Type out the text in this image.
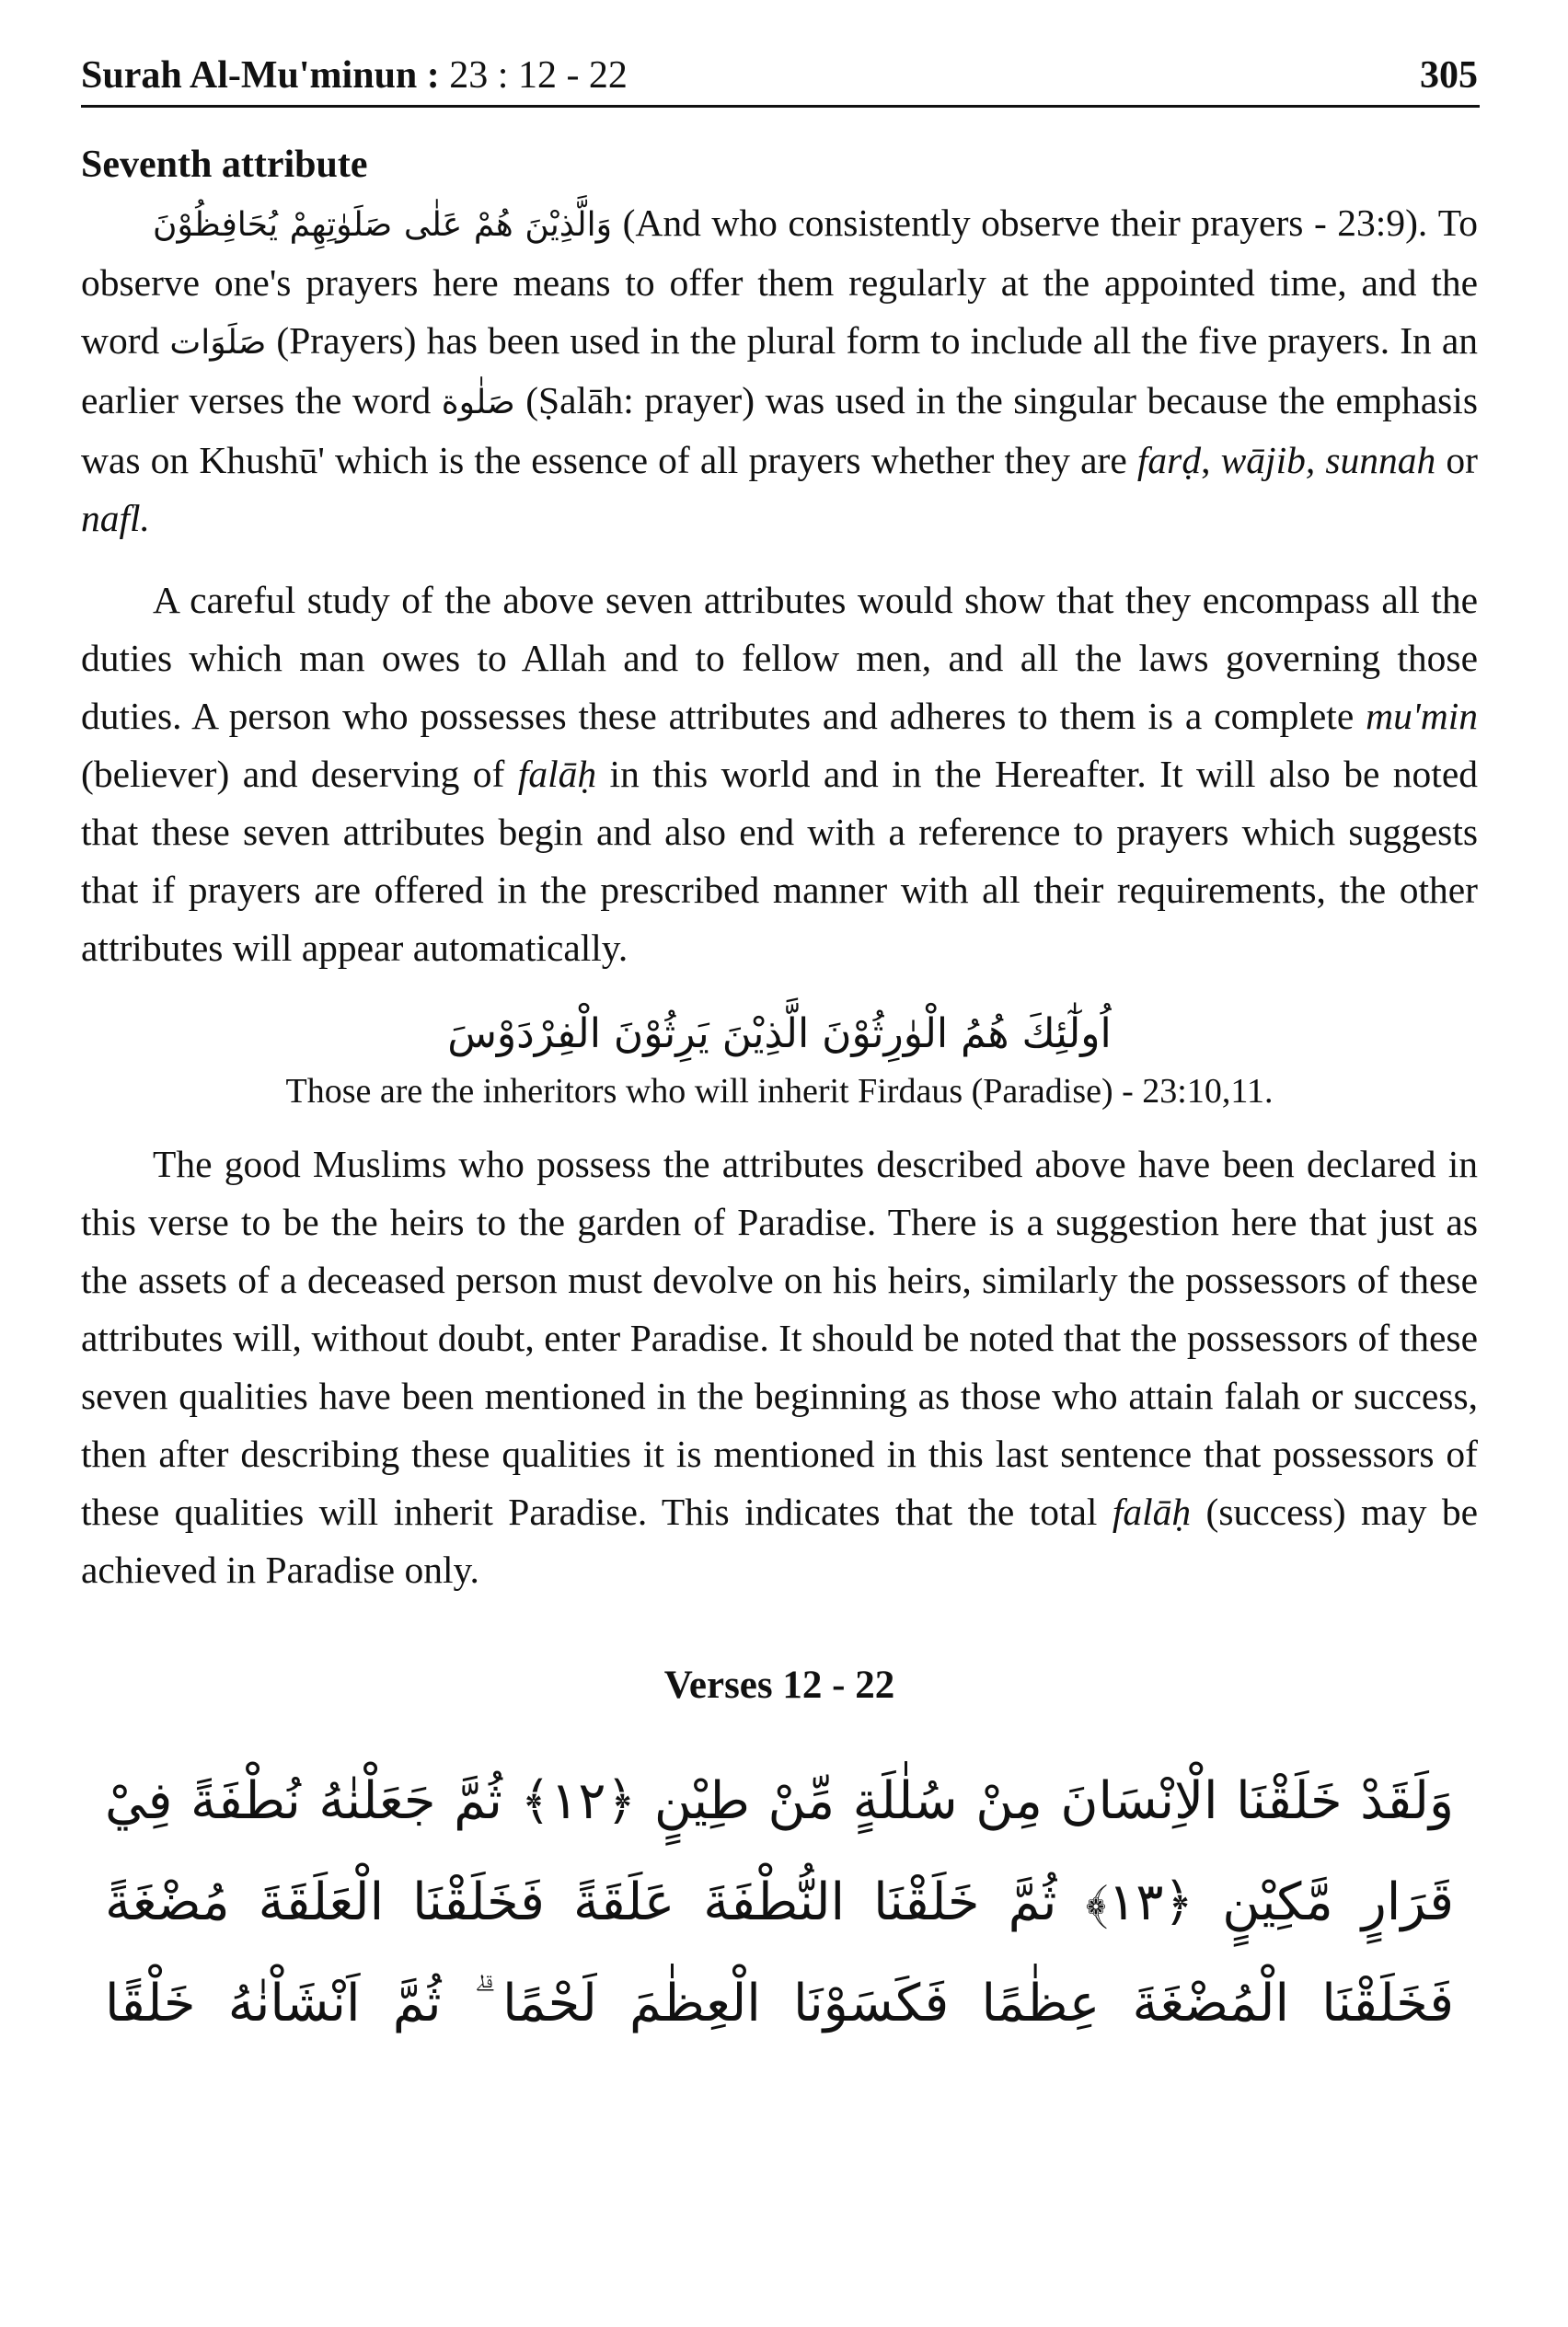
Surah Al-Mu'minun : 23 : 12 - 22	305
Seventh attribute

وَالَّذِيْنَ هُمْ عَلٰى صَلَوٰتِهِمْ يُحَافِظُوْنَ (And who consistently observe their prayers - 23:9). To observe one's prayers here means to offer them regularly at the appointed time, and the word صَلَوَات (Prayers) has been used in the plural form to include all the five prayers. In an earlier verses the word صَلٰوة (Ṣalāh: prayer) was used in the singular because the emphasis was on Khushū' which is the essence of all prayers whether they are farḍ, wājib, sunnah or nafl.

A careful study of the above seven attributes would show that they encompass all the duties which man owes to Allah and to fellow men, and all the laws governing those duties. A person who possesses these attributes and adheres to them is a complete mu'min (believer) and deserving of falāḥ in this world and in the Hereafter. It will also be noted that these seven attributes begin and also end with a reference to prayers which suggests that if prayers are offered in the prescribed manner with all their requirements, the other attributes will appear automatically.

اُولٰٓئِكَ هُمُ الْوٰرِثُوْنَ الَّذِيْنَ يَرِثُوْنَ الْفِرْدَوْسَ
Those are the inheritors who will inherit Firdaus (Paradise) - 23:10,11.

The good Muslims who possess the attributes described above have been declared in this verse to be the heirs to the garden of Paradise. There is a suggestion here that just as the assets of a deceased person must devolve on his heirs, similarly the possessors of these attributes will, without doubt, enter Paradise. It should be noted that the possessors of these seven qualities have been mentioned in the beginning as those who attain falah or success, then after describing these qualities it is mentioned in this last sentence that possessors of these qualities will inherit Paradise. This indicates that the total falāḥ (success) may be achieved in Paradise only.

Verses 12 - 22
وَلَقَدْ خَلَقْنَا الْاِنْسَانَ مِنْ سُلٰلَةٍ مِّنْ طِيْنٍ ﴿١٢﴾ ثُمَّ جَعَلْنٰهُ نُطْفَةً فِيْ قَرَارٍ مَّكِيْنٍ ﴿١٣﴾ ثُمَّ خَلَقْنَا النُّطْفَةَ عَلَقَةً فَخَلَقْنَا الْعَلَقَةَ مُضْغَةً فَخَلَقْنَا الْمُضْغَةَ عِظٰمًا فَكَسَوْنَا الْعِظٰمَ لَحْمًا ۗ ثُمَّ اَنْشَاْنٰهُ خَلْقًا
